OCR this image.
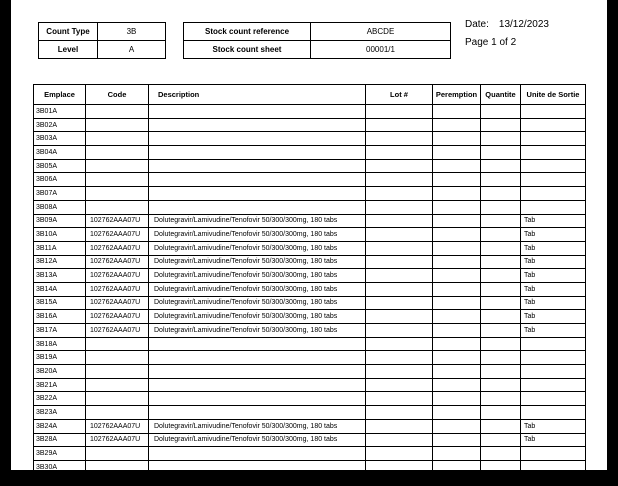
Count Type	3B
Level	A
Stock count reference	ABCDE
Stock count sheet	00001/1
Date: 13/12/2023
Page 1 of 2
Emplace	Code	Description	Lot #	Peremption	Quantite	Unite de Sortie
3B01A						
3B02A						
3B03A						
3B04A						
3B05A						
3B06A						
3B07A						
3B08A						
3B09A	102762AAA07U	Dolutegravir/Lamivudine/Tenofovir 50/300/300mg, 180 tabs				Tab
3B10A	102762AAA07U	Dolutegravir/Lamivudine/Tenofovir 50/300/300mg, 180 tabs				Tab
3B11A	102762AAA07U	Dolutegravir/Lamivudine/Tenofovir 50/300/300mg, 180 tabs				Tab
3B12A	102762AAA07U	Dolutegravir/Lamivudine/Tenofovir 50/300/300mg, 180 tabs				Tab
3B13A	102762AAA07U	Dolutegravir/Lamivudine/Tenofovir 50/300/300mg, 180 tabs				Tab
3B14A	102762AAA07U	Dolutegravir/Lamivudine/Tenofovir 50/300/300mg, 180 tabs				Tab
3B15A	102762AAA07U	Dolutegravir/Lamivudine/Tenofovir 50/300/300mg, 180 tabs				Tab
3B16A	102762AAA07U	Dolutegravir/Lamivudine/Tenofovir 50/300/300mg, 180 tabs				Tab
3B17A	102762AAA07U	Dolutegravir/Lamivudine/Tenofovir 50/300/300mg, 180 tabs				Tab
3B18A						
3B19A						
3B20A						
3B21A						
3B22A						
3B23A						
3B24A	102762AAA07U	Dolutegravir/Lamivudine/Tenofovir 50/300/300mg, 180 tabs				Tab
3B28A	102762AAA07U	Dolutegravir/Lamivudine/Tenofovir 50/300/300mg, 180 tabs				Tab
3B29A						
3B30A						
